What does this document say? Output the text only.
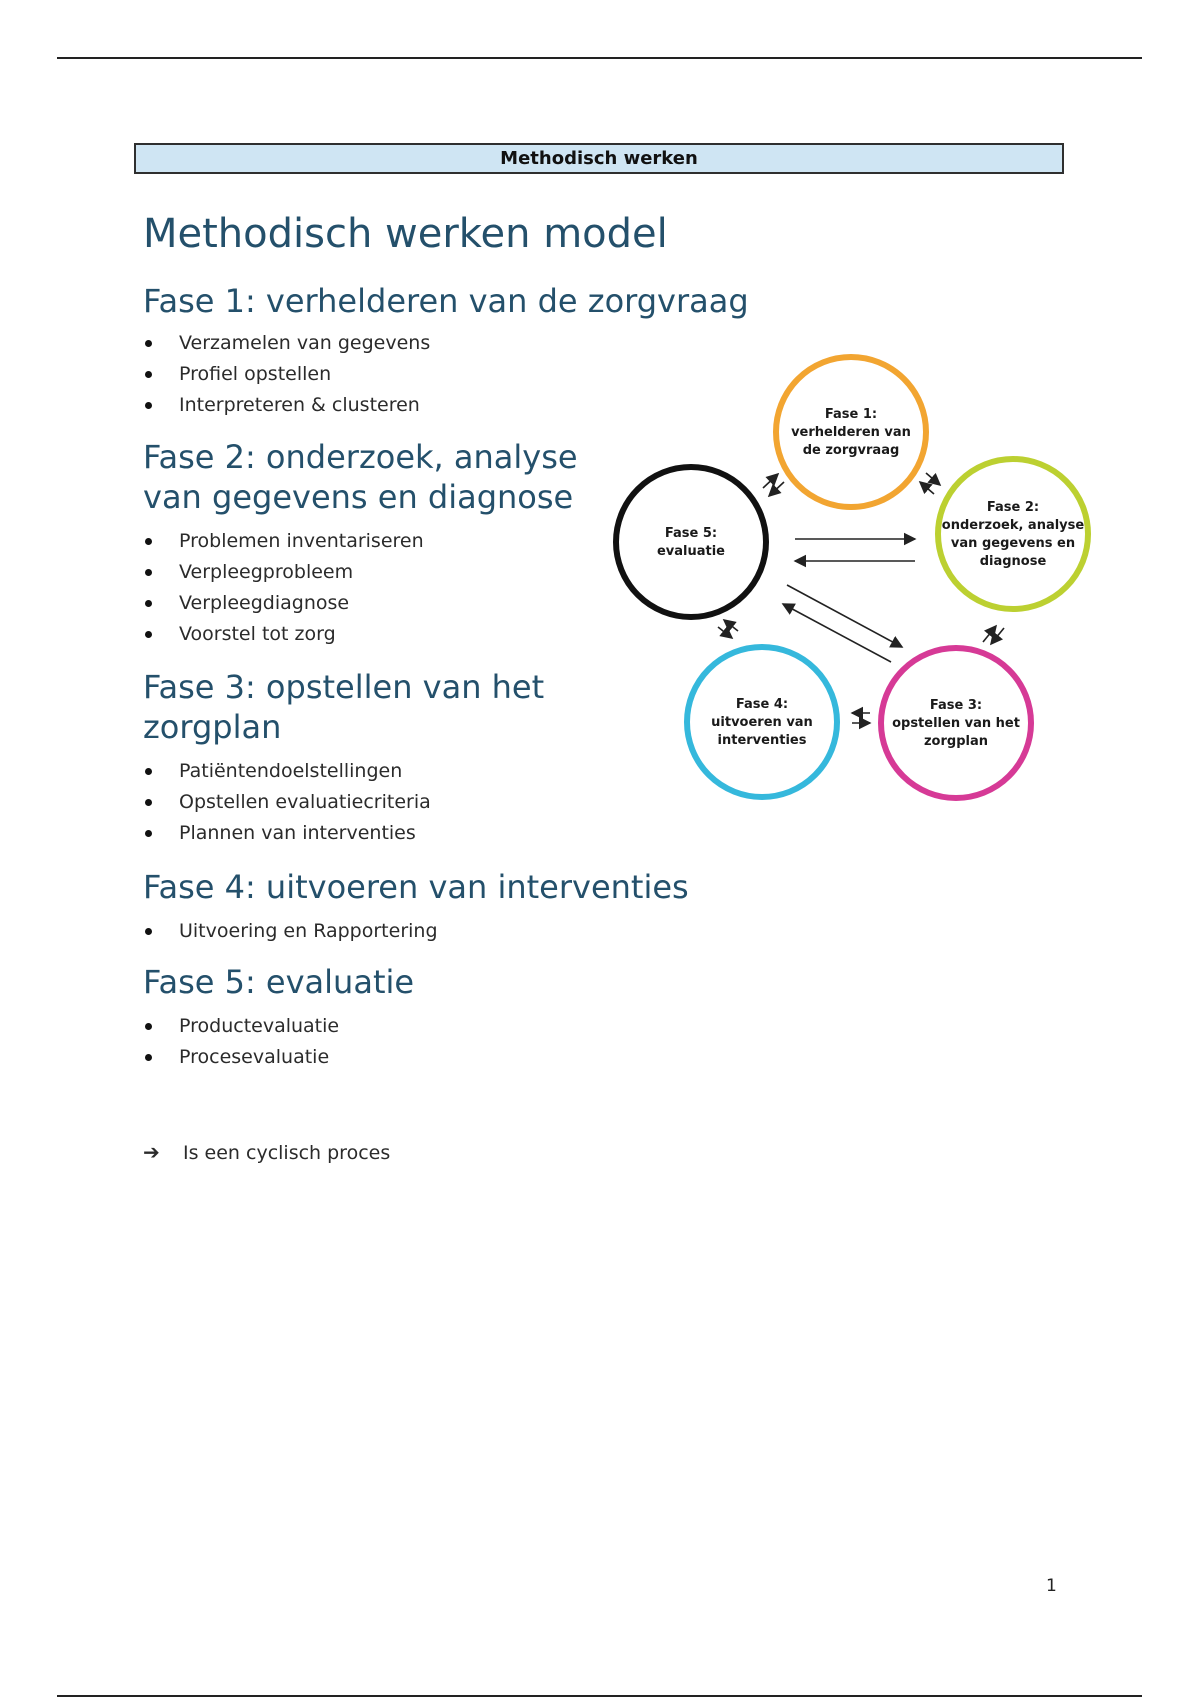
Methodisch werken
Methodisch werken model
Fase 1: verhelderen van de zorgvraag
Verzamelen van gegevens
Profiel opstellen
Interpreteren & clusteren
Fase 2: onderzoek, analyse
van gegevens en diagnose
Problemen inventariseren
Verpleegprobleem
Verpleegdiagnose
Voorstel tot zorg
Fase 3: opstellen van het
zorgplan
Patiëntendoelstellingen
Opstellen evaluatiecriteria
Plannen van interventies
Fase 4: uitvoeren van interventies
Uitvoering en Rapportering
Fase 5: evaluatie
Productevaluatie
Procesevaluatie
➔ Is een cyclisch proces
Fase 1:
verhelderen van
de zorgvraag
Fase 2:
onderzoek, analyse
van gegevens en
diagnose
Fase 3:
opstellen van het
zorgplan
Fase 4:
uitvoeren van
interventies
Fase 5:
evaluatie
1
